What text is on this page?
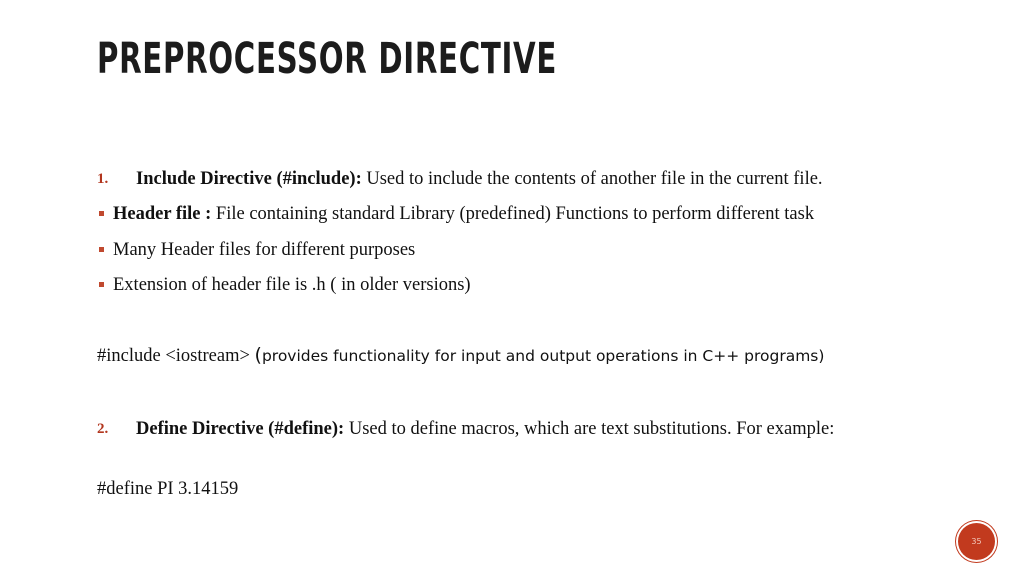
PREPROCESSOR DIRECTIVE
1. Include Directive (#include): Used to include the contents of another file in the current file.
Header file : File containing standard Library (predefined) Functions to perform different task
Many Header files for different purposes
Extension of header file is .h ( in older versions)
#include <iostream> (provides functionality for input and output operations in C++ programs)
2. Define Directive (#define): Used to define macros, which are text substitutions. For example:
#define PI 3.14159
35
